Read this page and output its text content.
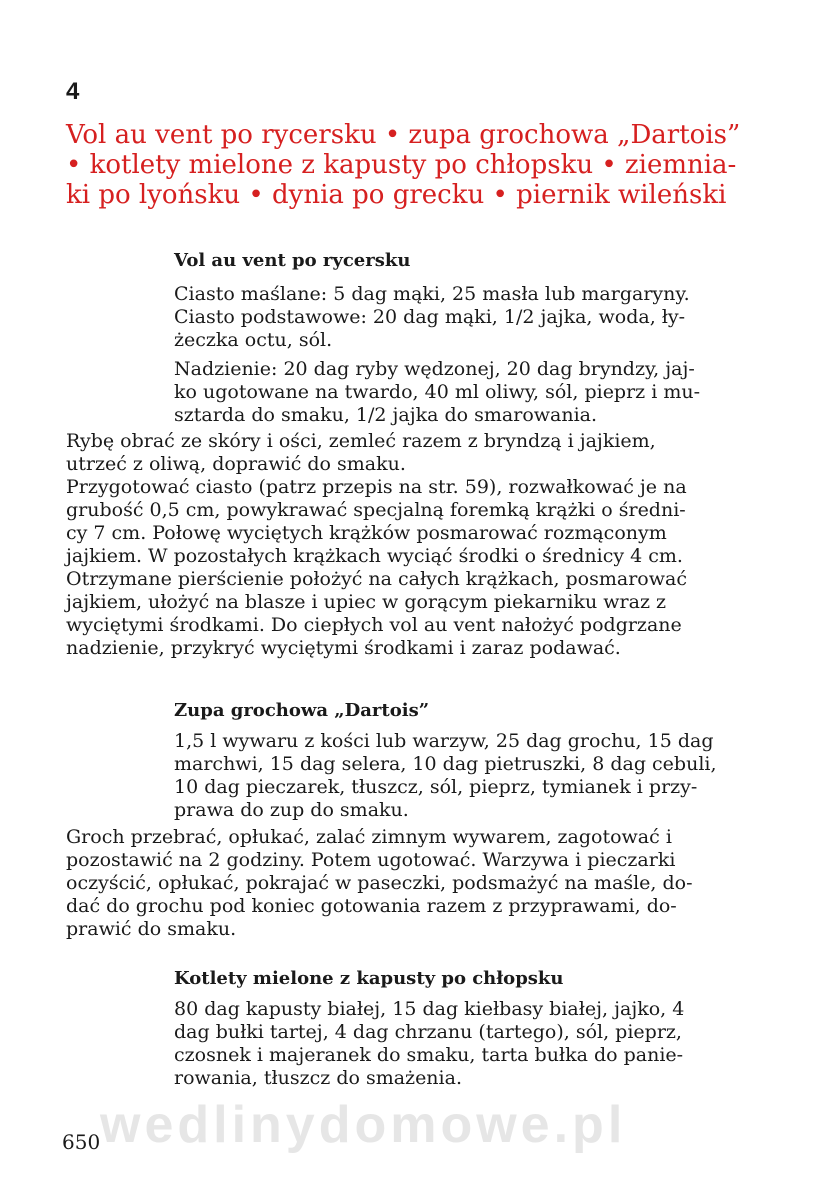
4
Vol au vent po rycersku • zupa grochowa „Dartois”
• kotlety mielone z kapusty po chłopsku • ziemnia-
ki po lyońsku • dynia po grecku • piernik wileński
Vol au vent po rycersku

Ciasto maślane: 5 dag mąki, 25 masła lub margaryny.
Ciasto podstawowe: 20 dag mąki, 1/2 jajka, woda, ły-
żeczka octu, sól.

Nadzienie: 20 dag ryby wędzonej, 20 dag bryndzy, jaj-
ko ugotowane na twardo, 40 ml oliwy, sól, pieprz i mu-
sztarda do smaku, 1/2 jajka do smarowania.

Rybę obrać ze skóry i ości, zemleć razem z bryndzą i jajkiem,
utrzeć z oliwą, doprawić do smaku.
Przygotować ciasto (patrz przepis na str. 59), rozwałkować je na
grubość 0,5 cm, powykrawać specjalną foremką krążki o średni-
cy 7 cm. Połowę wyciętych krążków posmarować rozmąconym
jajkiem. W pozostałych krążkach wyciąć środki o średnicy 4 cm.
Otrzymane pierścienie położyć na całych krążkach, posmarować
jajkiem, ułożyć na blasze i upiec w gorącym piekarniku wraz z
wyciętymi środkami. Do ciepłych vol au vent nałożyć podgrzane
nadzienie, przykryć wyciętymi środkami i zaraz podawać.

Zupa grochowa „Dartois”

1,5 l wywaru z kości lub warzyw, 25 dag grochu, 15 dag
marchwi, 15 dag selera, 10 dag pietruszki, 8 dag cebuli,
10 dag pieczarek, tłuszcz, sól, pieprz, tymianek i przy-
prawa do zup do smaku.

Groch przebrać, opłukać, zalać zimnym wywarem, zagotować i
pozostawić na 2 godziny. Potem ugotować. Warzywa i pieczarki
oczyścić, opłukać, pokrajać w paseczki, podsmażyć na maśle, do-
dać do grochu pod koniec gotowania razem z przyprawami, do-
prawić do smaku.

Kotlety mielone z kapusty po chłopsku

80 dag kapusty białej, 15 dag kiełbasy białej, jajko, 4
dag bułki tartej, 4 dag chrzanu (tartego), sól, pieprz,
czosnek i majeranek do smaku, tarta bułka do panie-
rowania, tłuszcz do smażenia.

wedlinydomowe.pl
650
